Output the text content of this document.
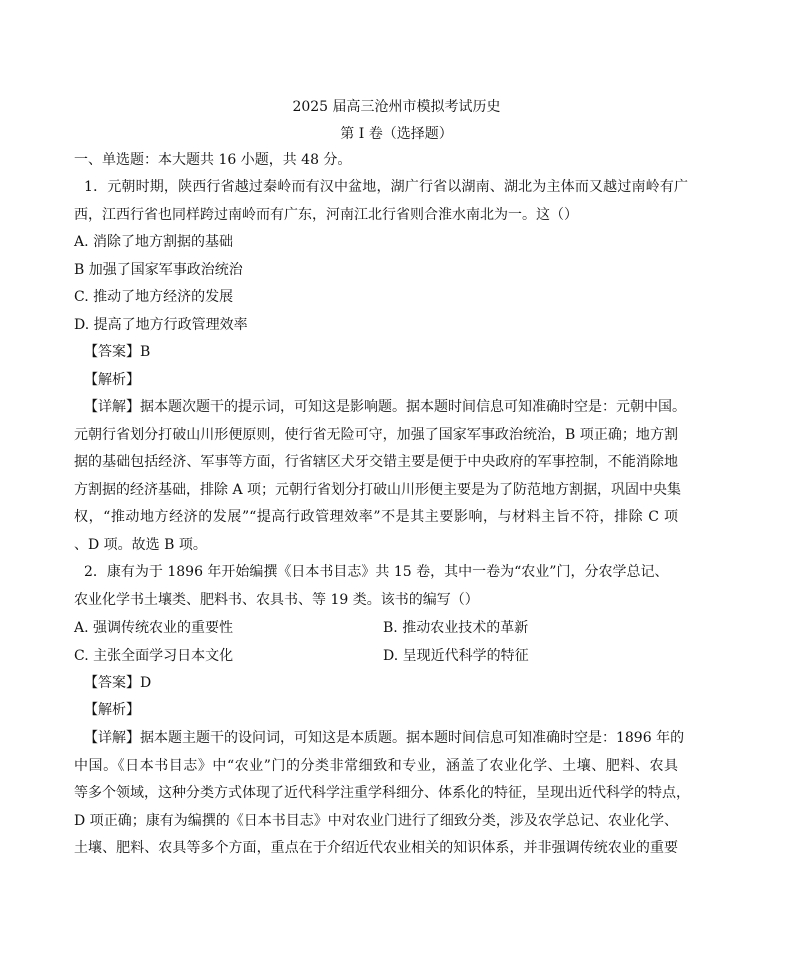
2025 届高三沧州市模拟考试历史
第 I 卷（选择题）
一、单选题：本大题共 16 小题，共 48 分。
1．元朝时期，陕西行省越过秦岭而有汉中盆地，湖广行省以湖南、湖北为主体而又越过南岭有广
西，江西行省也同样跨过南岭而有广东，河南江北行省则合淮水南北为一。这（）
A. 消除了地方割据的基础
B 加强了国家军事政治统治
C. 推动了地方经济的发展
D. 提高了地方行政管理效率
【答案】B
【解析】
【详解】据本题次题干的提示词，可知这是影响题。据本题时间信息可知准确时空是：元朝中国。
元朝行省划分打破山川形便原则，使行省无险可守，加强了国家军事政治统治，B 项正确；地方割
据的基础包括经济、军事等方面，行省辖区犬牙交错主要是便于中央政府的军事控制，不能消除地
方割据的经济基础，排除 A 项；元朝行省划分打破山川形便主要是为了防范地方割据，巩固中央集
权，“推动地方经济的发展”“提高行政管理效率”不是其主要影响，与材料主旨不符，排除 C 项
、D 项。故选 B 项。
2．康有为于 1896 年开始编撰《日本书目志》共 15 卷，其中一卷为“农业”门，分农学总记、
农业化学书土壤类、肥料书、农具书、等 19 类。该书的编写（）
A. 强调传统农业的重要性	B. 推动农业技术的革新
C. 主张全面学习日本文化	D. 呈现近代科学的特征
【答案】D
【解析】
【详解】据本题主题干的设问词，可知这是本质题。据本题时间信息可知准确时空是：1896 年的
中国。《日本书目志》中“农业”门的分类非常细致和专业，涵盖了农业化学、土壤、肥料、农具
等多个领域，这种分类方式体现了近代科学注重学科细分、体系化的特征，呈现出近代科学的特点，
D 项正确；康有为编撰的《日本书目志》中对农业门进行了细致分类，涉及农学总记、农业化学、
土壤、肥料、农具等多个方面，重点在于介绍近代农业相关的知识体系，并非强调传统农业的重要
